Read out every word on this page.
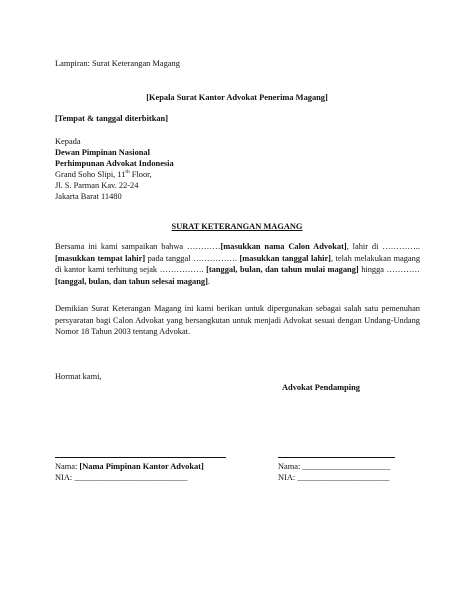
Lampiran: Surat Keterangan Magang
[Kepala Surat Kantor Advokat Penerima Magang]
[Tempat & tanggal diterbitkan]
Kepada
Dewan Pimpinan Nasional
Perhimpunan Advokat Indonesia
Grand Soho Slipi, 11th Floor,
Jl. S. Parman Kav. 22-24
Jakarta Barat 11480
SURAT KETERANGAN MAGANG
Bersama ini kami sampaikan bahwa …………[masukkan nama Calon Advokat], lahir di ………….. [masukkan tempat lahir] pada tanggal ……………. [masukkan tanggal lahir], telah melakukan magang di kantor kami terhitung sejak ……………. [tanggal, bulan, dan tahun mulai magang] hingga ………… [tanggal, bulan, dan tahun selesai magang].
Demikian Surat Keterangan Magang ini kami berikan untuk dipergunakan sebagai salah satu pemenuhan persyaratan bagi Calon Advokat yang bersangkutan untuk menjadi Advokat sesuai dengan Undang-Undang Nomor 18 Tahun 2003 tentang Advokat.
Hormat kami,
Advokat Pendamping
Nama: [Nama Pimpinan Kantor Advokat]
NIA: ___________________________
Nama: _____________________
NIA: ______________________
